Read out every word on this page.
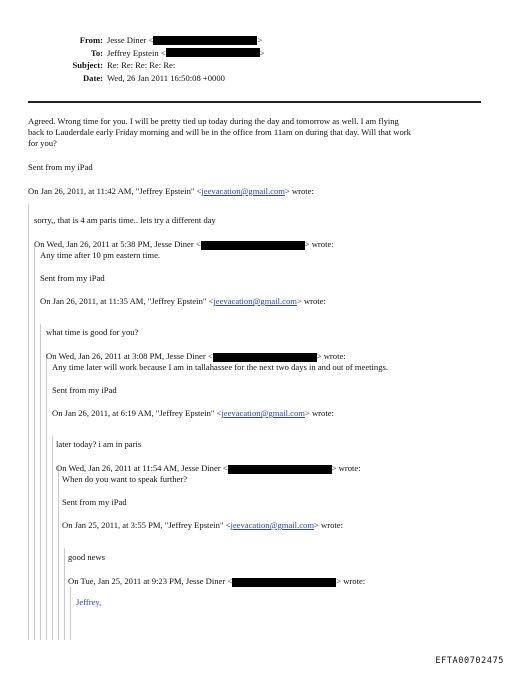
From: Jesse Diner <	>
To: Jeffrey Epstein <	>
Subject: Re: Re: Re: Re: Re:
Date: Wed, 26 Jan 2011 16:50:08 +0000
Agreed. Wrong time for you. I will be pretty tied up today during the day and tomorrow as well. I am flying
back to Lauderdale early Friday morning and will be in the office from 11am on during that day. Will that work
for you?
Sent from my iPad
On Jan 26, 2011, at 11:42 AM, "Jeffrey Epstein" <jeevacation@gmail.com> wrote:
sorry,, that is 4 am paris time.. lets try a different day
On Wed, Jan 26, 2011 at 5:38 PM, Jesse Diner <	> wrote:
Any time after 10 pm eastern time.
Sent from my iPad
On Jan 26, 2011, at 11:35 AM, "Jeffrey Epstein" <jeevacation@gmail.com> wrote:
what time is good for you?
On Wed, Jan 26, 2011 at 3:08 PM, Jesse Diner <	> wrote:
Any time later will work because I am in tallahassee for the next two days in and out of meetings.
Sent from my iPad
On Jan 26, 2011, at 6:19 AM, "Jeffrey Epstein" <jeevacation@gmail.com> wrote:
later today? i am in paris
On Wed, Jan 26, 2011 at 11:54 AM, Jesse Diner <	> wrote:
When do you want to speak further?
Sent from my iPad
On Jan 25, 2011, at 3:55 PM, "Jeffrey Epstein" <jeevacation@gmail.com> wrote:
good news
On Tue, Jan 25, 2011 at 9:23 PM, Jesse Diner <	> wrote:
Jeffrey,
EFTA00702475
